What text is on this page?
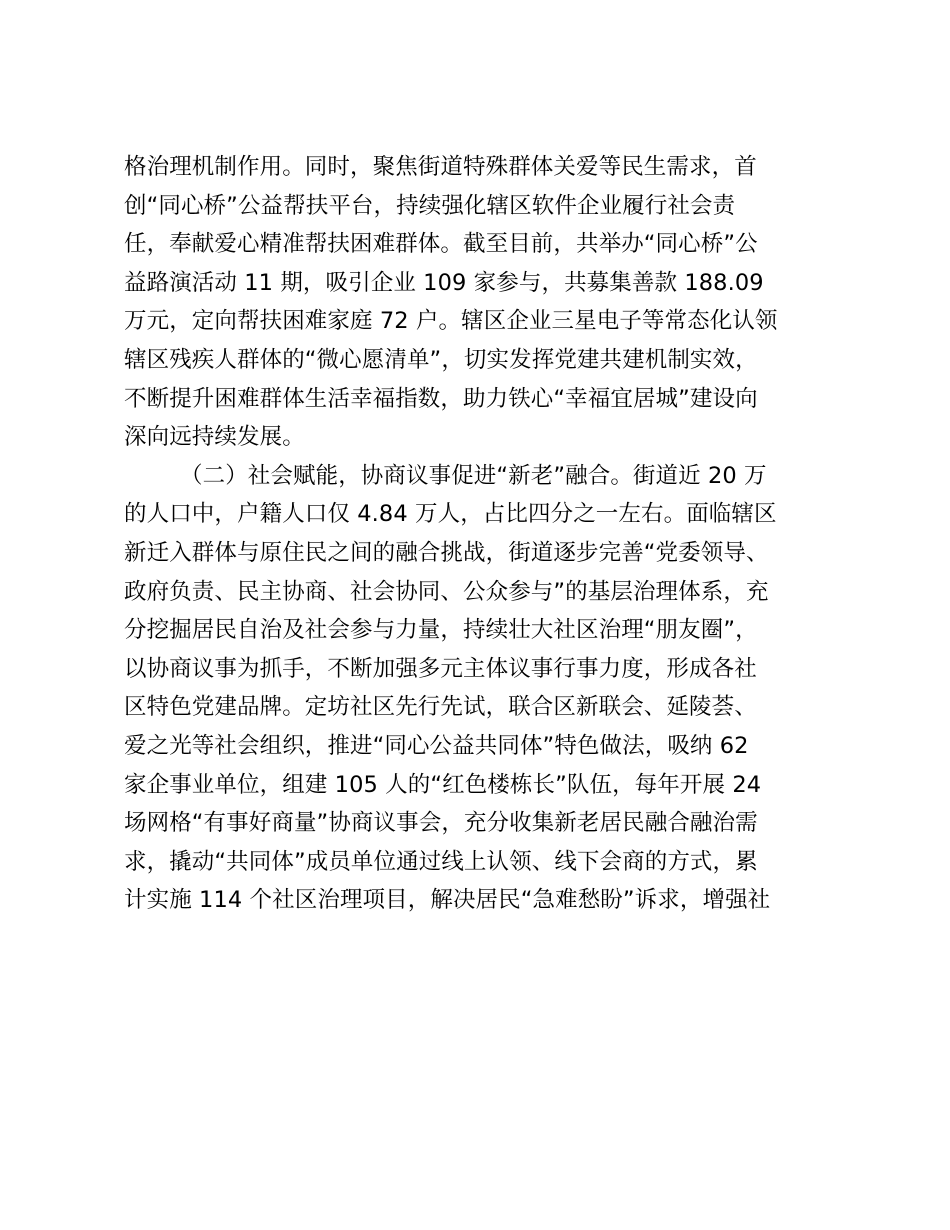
格治理机制作用。同时，聚焦街道特殊群体关爱等民生需求，首
创“同心桥”公益帮扶平台，持续强化辖区软件企业履行社会责
任，奉献爱心精准帮扶困难群体。截至目前，共举办“同心桥”公
益路演活动 11 期，吸引企业 109 家参与，共募集善款 188.09
万元，定向帮扶困难家庭 72 户。辖区企业三星电子等常态化认领
辖区残疾人群体的“微心愿清单”，切实发挥党建共建机制实效，
不断提升困难群体生活幸福指数，助力铁心“幸福宜居城”建设向
深向远持续发展。
（二）社会赋能，协商议事促进“新老”融合。街道近 20 万
的人口中，户籍人口仅 4.84 万人，占比四分之一左右。面临辖区
新迁入群体与原住民之间的融合挑战，街道逐步完善“党委领导、
政府负责、民主协商、社会协同、公众参与”的基层治理体系，充
分挖掘居民自治及社会参与力量，持续壮大社区治理“朋友圈”，
以协商议事为抓手，不断加强多元主体议事行事力度，形成各社
区特色党建品牌。定坊社区先行先试，联合区新联会、延陵荟、
爱之光等社会组织，推进“同心公益共同体”特色做法，吸纳 62
家企事业单位，组建 105 人的“红色楼栋长”队伍，每年开展 24
场网格“有事好商量”协商议事会，充分收集新老居民融合融治需
求，撬动“共同体”成员单位通过线上认领、线下会商的方式，累
计实施 114 个社区治理项目，解决居民“急难愁盼”诉求，增强社
